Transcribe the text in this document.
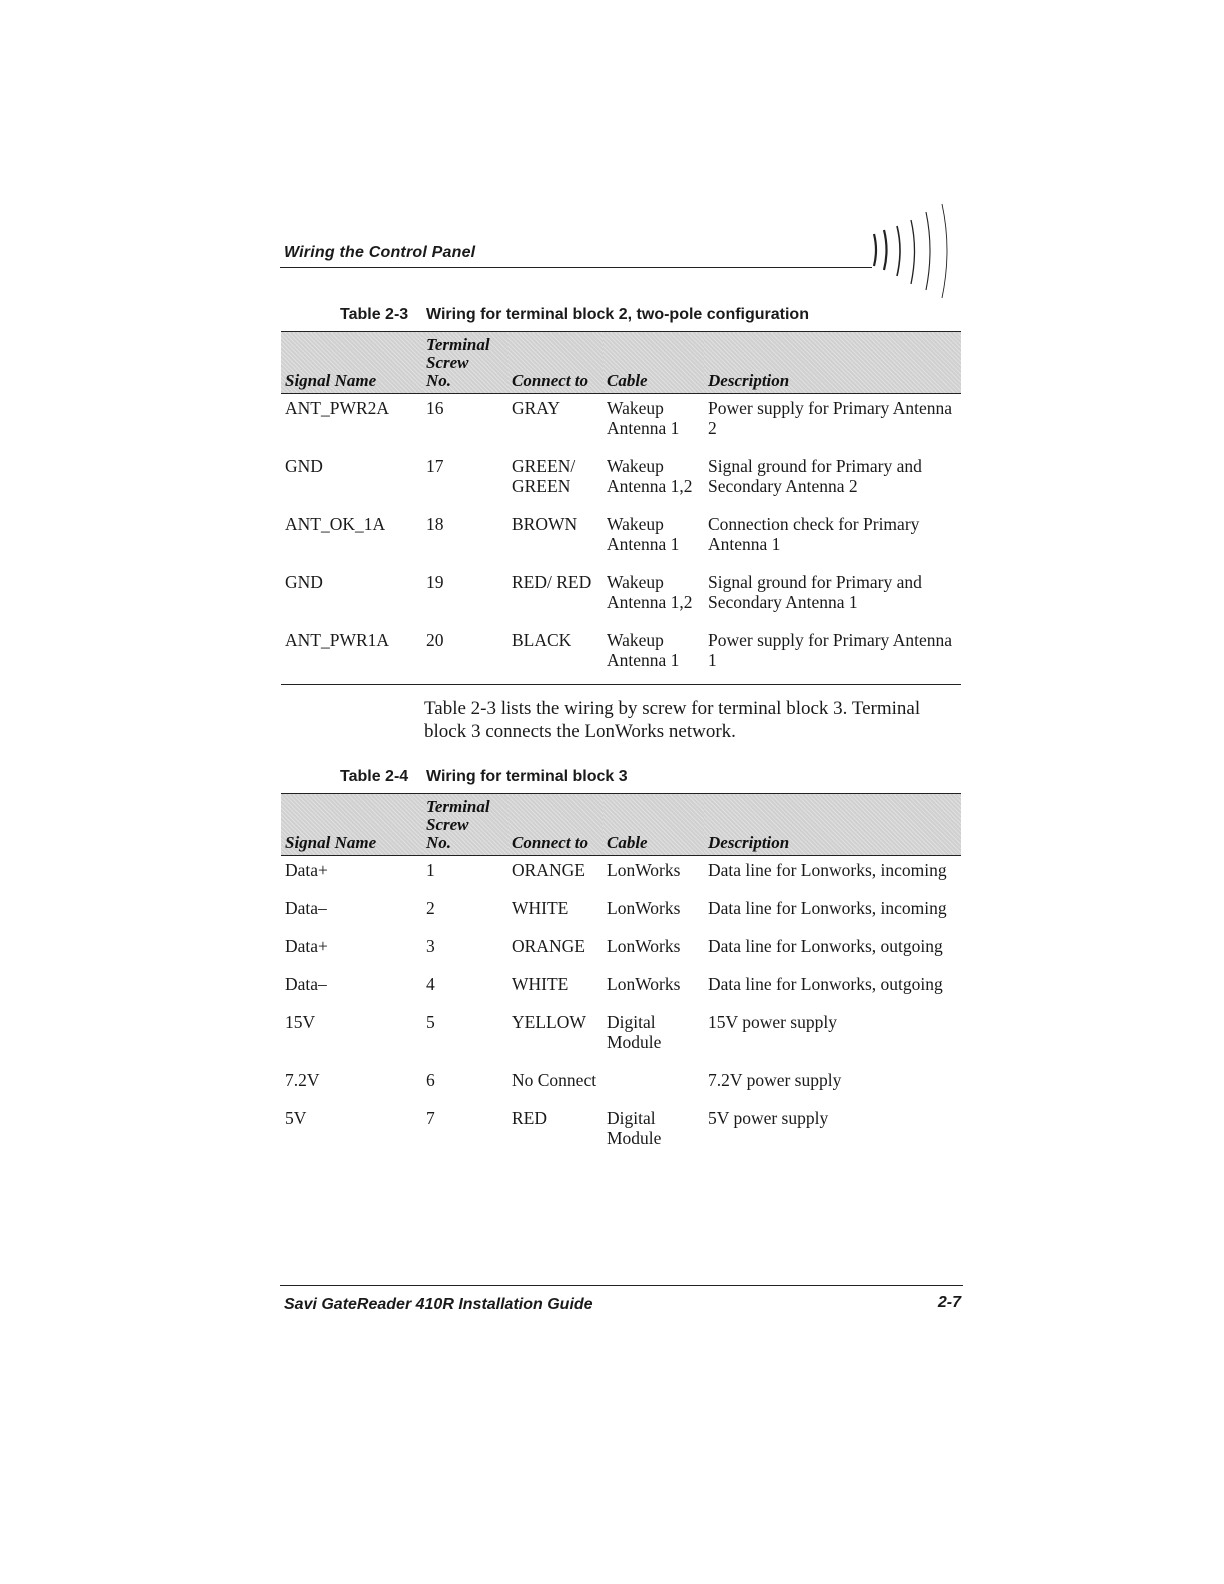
Wiring the Control Panel
Table 2-3 Wiring for terminal block 2, two-pole configuration
Signal Name	Terminal
Screw
No.	Connect to	Cable	Description
ANT_PWR2A	16	GRAY	Wakeup Antenna 1	Power supply for Primary Antenna 2
GND	17	GREEN/ GREEN	Wakeup Antenna 1,2	Signal ground for Primary and Secondary Antenna 2
ANT_OK_1A	18	BROWN	Wakeup Antenna 1	Connection check for Primary Antenna 1
GND	19	RED/ RED	Wakeup Antenna 1,2	Signal ground for Primary and Secondary Antenna 1
ANT_PWR1A	20	BLACK	Wakeup Antenna 1	Power supply for Primary Antenna 1
Table 2-3 lists the wiring by screw for terminal block 3. Terminal block 3 connects the LonWorks network.
Table 2-4 Wiring for terminal block 3
Signal Name	Terminal
Screw
No.	Connect to	Cable	Description
Data+	1	ORANGE	LonWorks	Data line for Lonworks, incoming
Data–	2	WHITE	LonWorks	Data line for Lonworks, incoming
Data+	3	ORANGE	LonWorks	Data line for Lonworks, outgoing
Data–	4	WHITE	LonWorks	Data line for Lonworks, outgoing
15V	5	YELLOW	Digital Module	15V power supply
7.2V	6	No Connect		7.2V power supply
5V	7	RED	Digital Module	5V power supply
Savi GateReader 410R Installation Guide	2-7
